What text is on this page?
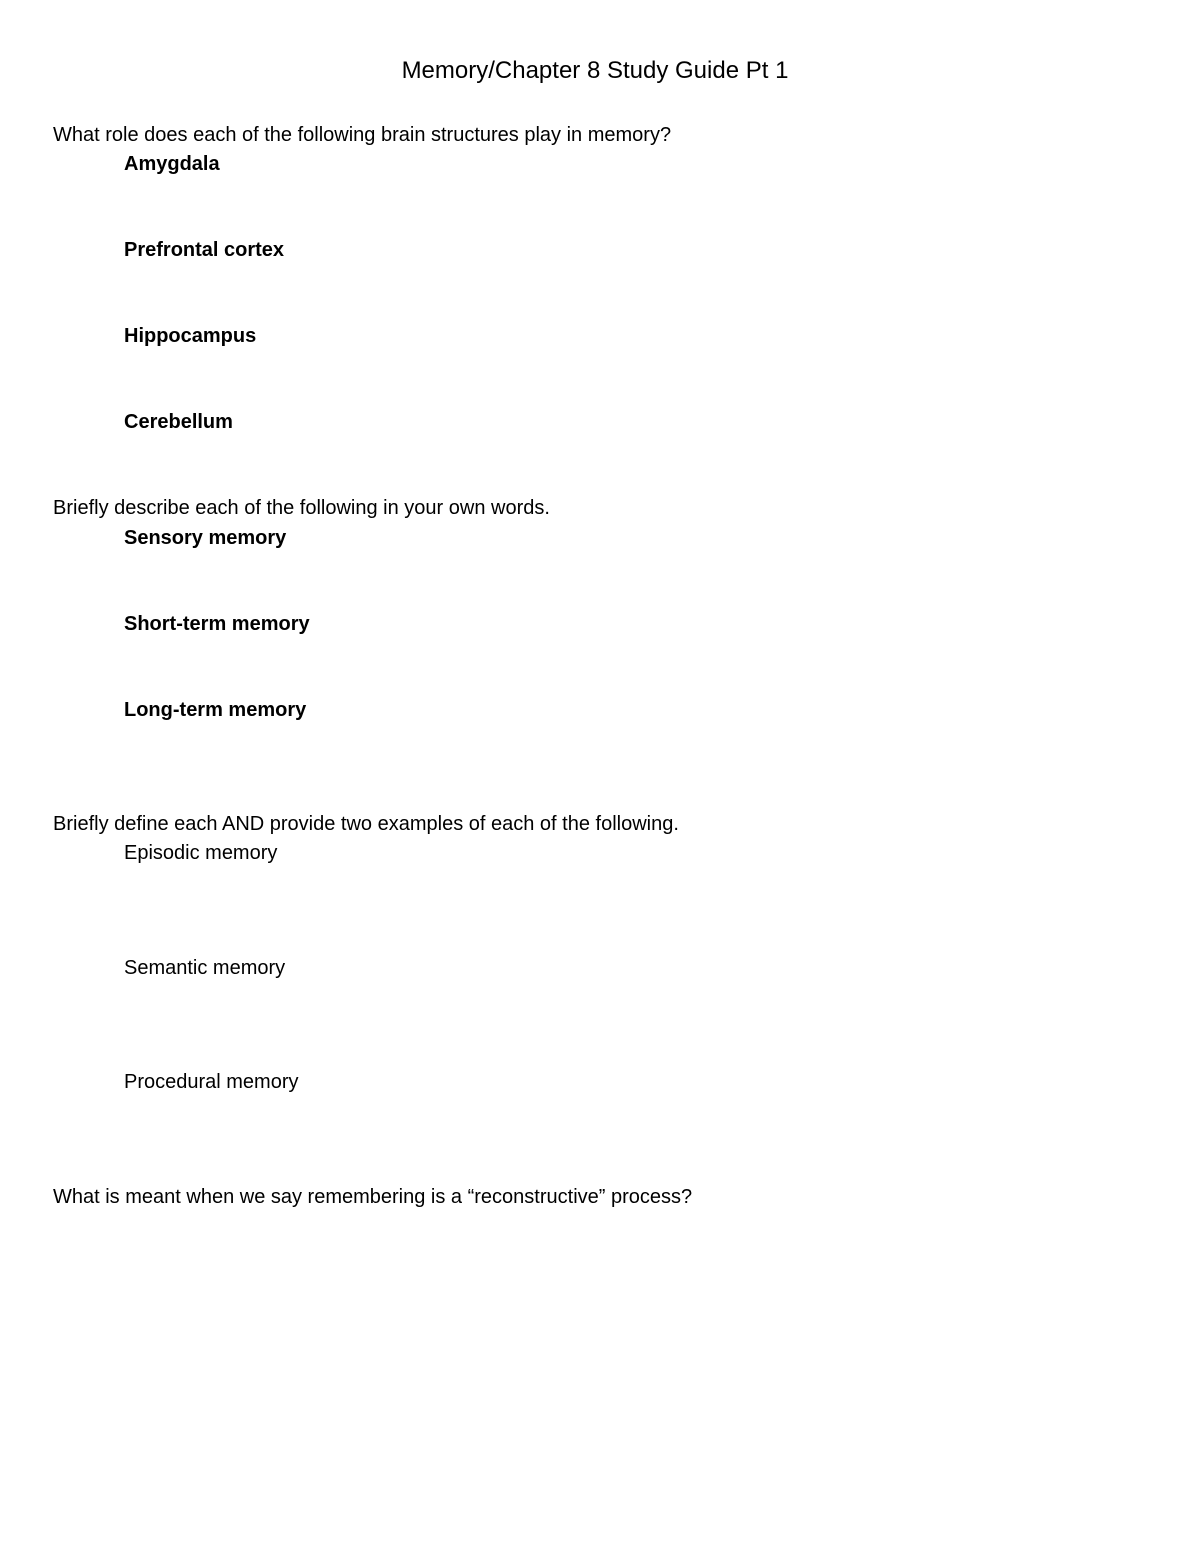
Memory/Chapter 8 Study Guide Pt 1
What role does each of the following brain structures play in memory?
Amygdala
Prefrontal cortex
Hippocampus
Cerebellum
Briefly describe each of the following in your own words.
Sensory memory
Short-term memory
Long-term memory
Briefly define each AND provide two examples of each of the following.
Episodic memory
Semantic memory
Procedural memory
What is meant when we say remembering is a “reconstructive” process?
